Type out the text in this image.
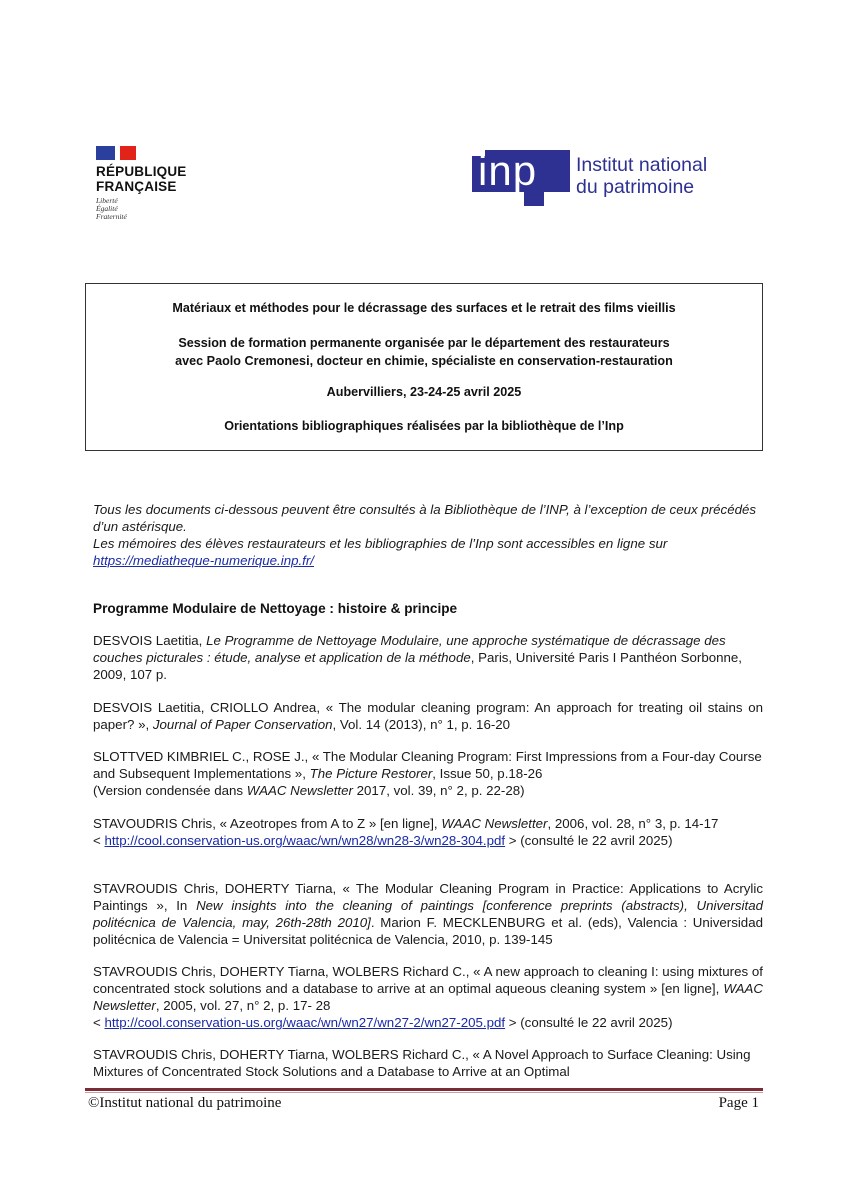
RÉPUBLIQUE
FRANÇAISE
Liberté
Égalité
Fraternité
inp Institut national
du patrimoine
Matériaux et méthodes pour le décrassage des surfaces et le retrait des films vieillis
Session de formation permanente organisée par le département des restaurateurs
avec Paolo Cremonesi, docteur en chimie, spécialiste en conservation-restauration
Aubervilliers, 23-24-25 avril 2025
Orientations bibliographiques réalisées par la bibliothèque de l’Inp
Tous les documents ci-dessous peuvent être consultés à la Bibliothèque de l’INP, à l’exception de ceux précédés d’un astérisque.
Les mémoires des élèves restaurateurs et les bibliographies de l’Inp sont accessibles en ligne sur
https://mediatheque-numerique.inp.fr/
Programme Modulaire de Nettoyage : histoire & principe
DESVOIS Laetitia, Le Programme de Nettoyage Modulaire, une approche systématique de décrassage des couches picturales : étude, analyse et application de la méthode, Paris, Université Paris I Panthéon Sorbonne, 2009, 107 p.
DESVOIS Laetitia, CRIOLLO Andrea, « The modular cleaning program: An approach for treating oil stains on paper? », Journal of Paper Conservation, Vol. 14 (2013), n° 1, p. 16-20
SLOTTVED KIMBRIEL C., ROSE J., « The Modular Cleaning Program: First Impressions from a Four-day Course and Subsequent Implementations », The Picture Restorer, Issue 50, p.18-26
(Version condensée dans WAAC Newsletter 2017, vol. 39, n° 2, p. 22-28)
STAVOUDRIS Chris, « Azeotropes from A to Z » [en ligne], WAAC Newsletter, 2006, vol. 28, n° 3, p. 14-17
< http://cool.conservation-us.org/waac/wn/wn28/wn28-3/wn28-304.pdf > (consulté le 22 avril 2025)
STAVROUDIS Chris, DOHERTY Tiarna, « The Modular Cleaning Program in Practice: Applications to Acrylic Paintings », In New insights into the cleaning of paintings [conference preprints (abstracts), Universitad politécnica de Valencia, may, 26th-28th 2010]. Marion F. MECKLENBURG et al. (eds), Valencia : Universidad politécnica de Valencia = Universitat politécnica de Valencia, 2010, p. 139-145
STAVROUDIS Chris, DOHERTY Tiarna, WOLBERS Richard C., « A new approach to cleaning I: using mixtures of concentrated stock solutions and a database to arrive at an optimal aqueous cleaning system » [en ligne], WAAC Newsletter, 2005, vol. 27, n° 2, p. 17- 28
< http://cool.conservation-us.org/waac/wn/wn27/wn27-2/wn27-205.pdf > (consulté le 22 avril 2025)
STAVROUDIS Chris, DOHERTY Tiarna, WOLBERS Richard C., « A Novel Approach to Surface Cleaning: Using Mixtures of Concentrated Stock Solutions and a Database to Arrive at an Optimal
©Institut national du patrimoine	Page 1
